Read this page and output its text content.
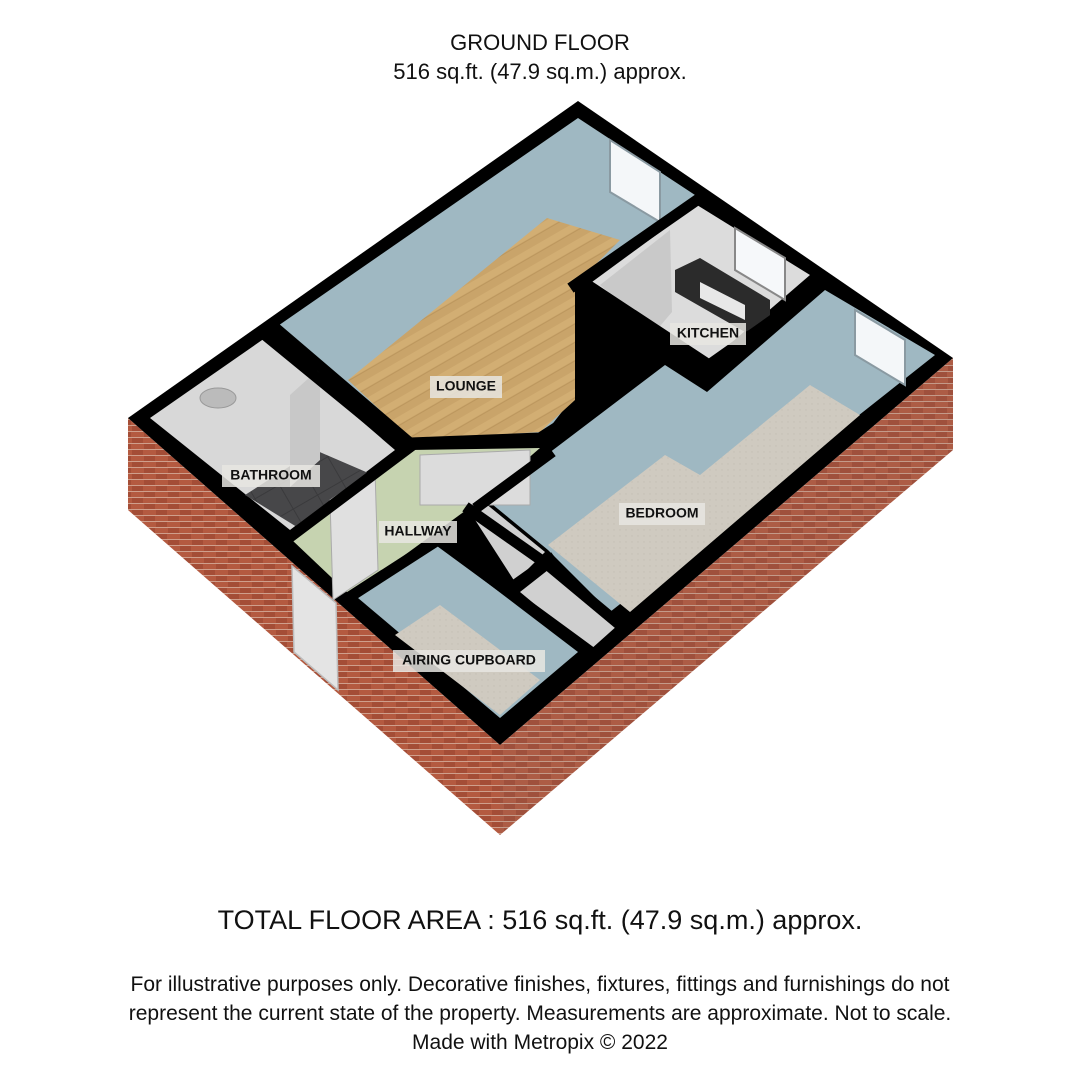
GROUND FLOOR
516 sq.ft. (47.9 sq.m.) approx.
LOUNGE
KITCHEN
BATHROOM
HALLWAY
BEDROOM
AIRING CUPBOARD
TOTAL FLOOR AREA : 516 sq.ft. (47.9 sq.m.) approx.
For illustrative purposes only. Decorative finishes, fixtures, fittings and furnishings do not
represent the current state of the property. Measurements are approximate. Not to scale.
Made with Metropix © 2022
